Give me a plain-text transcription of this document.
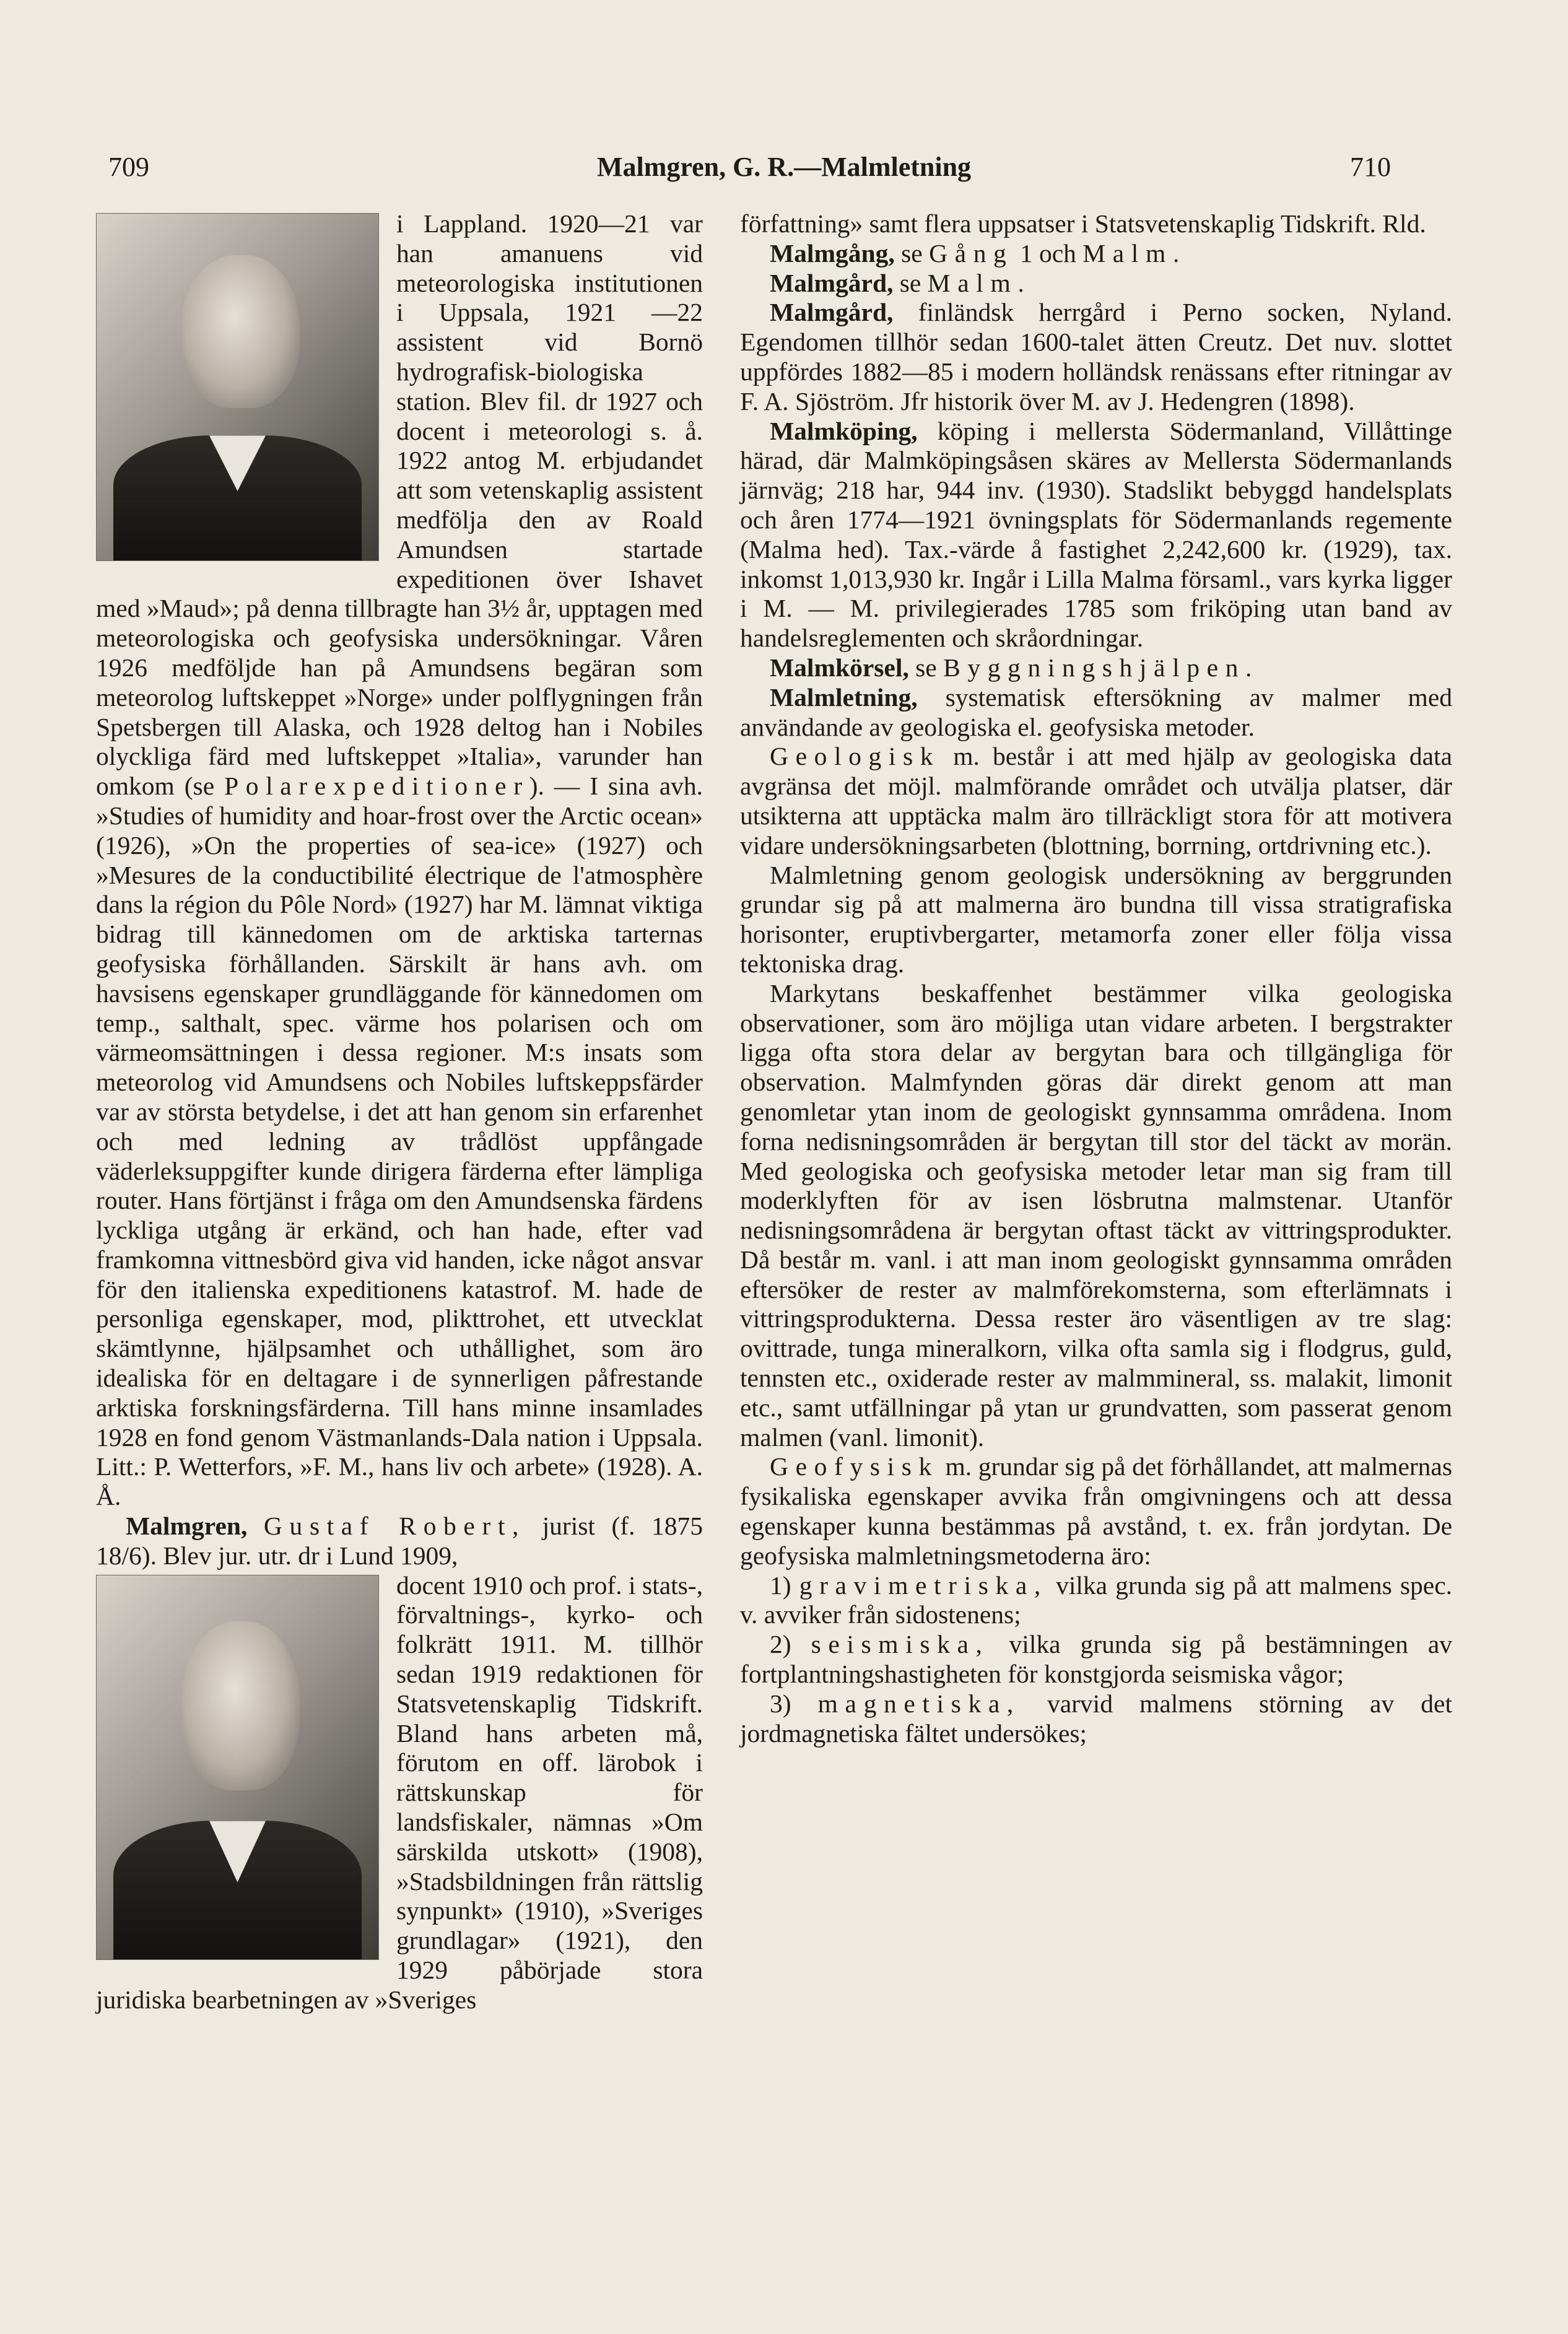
709	Malmgren, G. R.—Malmletning	710

i Lappland. 1920—21 var han amanuens vid meteorologiska institutionen i Uppsala, 1921 —22 assistent vid Bornö hydrografisk-biologiska station. Blev fil. dr 1927 och docent i meteorologi s. å. 1922 antog M. erbjudandet att som vetenskaplig assistent medfölja den av Roald Amundsen startade expeditionen över Ishavet med »Maud»; på denna tillbragte han 3½ år, upptagen med meteorologiska och geofysiska undersökningar. Våren 1926 medföljde han på Amundsens begäran som meteorolog luftskeppet »Norge» under polflygningen från Spetsbergen till Alaska, och 1928 deltog han i Nobiles olyckliga färd med luftskeppet »Italia», varunder han omkom (se Polarexpeditioner). — I sina avh. »Studies of humidity and hoar-frost over the Arctic ocean» (1926), »On the properties of sea-ice» (1927) och »Mesures de la conductibilité électrique de l'atmosphère dans la région du Pôle Nord» (1927) har M. lämnat viktiga bidrag till kännedomen om de arktiska tarternas geofysiska förhållanden. Särskilt är hans avh. om havsisens egenskaper grundläggande för kännedomen om temp., salthalt, spec. värme hos polarisen och om värmeomsättningen i dessa regioner. M:s insats som meteorolog vid Amundsens och Nobiles luftskeppsfärder var av största betydelse, i det att han genom sin erfarenhet och med ledning av trådlöst uppfångade väderleksuppgifter kunde dirigera färderna efter lämpliga router. Hans förtjänst i fråga om den Amundsenska färdens lyckliga utgång är erkänd, och han hade, efter vad framkomna vittnesbörd giva vid handen, icke något ansvar för den italienska expeditionens katastrof. M. hade de personliga egenskaper, mod, plikttrohet, ett utvecklat skämtlynne, hjälpsamhet och uthållighet, som äro idealiska för en deltagare i de synnerligen påfrestande arktiska forskningsfärderna. Till hans minne insamlades 1928 en fond genom Västmanlands-Dala nation i Uppsala. Litt.: P. Wetterfors, »F. M., hans liv och arbete» (1928). A. Å.

Malmgren, Gustaf Robert, jurist (f. 1875 18/6). Blev jur. utr. dr i Lund 1909,

docent 1910 och prof. i stats-, förvaltnings-, kyrko- och folkrätt 1911. M. tillhör sedan 1919 redaktionen för Statsvetenskaplig Tidskrift. Bland hans arbeten må, förutom en off. lärobok i rättskunskap för landsfiskaler, nämnas »Om särskilda utskott» (1908), »Stadsbildningen från rättslig synpunkt» (1910), »Sveriges grundlagar» (1921), den 1929 påbörjade stora juridiska bearbetningen av »Sveriges

författning» samt flera uppsatser i Statsvetenskaplig Tidskrift. Rld.

Malmgång, se Gång 1 och Malm.

Malmgård, se Malm.

Malmgård, finländsk herrgård i Perno socken, Nyland. Egendomen tillhör sedan 1600-talet ätten Creutz. Det nuv. slottet uppfördes 1882—85 i modern holländsk renässans efter ritningar av F. A. Sjöström. Jfr historik över M. av J. Hedengren (1898).

Malmköping, köping i mellersta Södermanland, Villåttinge härad, där Malmköpingsåsen skäres av Mellersta Södermanlands järnväg; 218 har, 944 inv. (1930). Stadslikt bebyggd handelsplats och åren 1774—1921 övningsplats för Södermanlands regemente (Malma hed). Tax.-värde å fastighet 2,242,600 kr. (1929), tax. inkomst 1,013,930 kr. Ingår i Lilla Malma församl., vars kyrka ligger i M. — M. privilegierades 1785 som friköping utan band av handelsreglementen och skråordningar.

Malmkörsel, se Byggningshjälpen.

Malmletning, systematisk eftersökning av malmer med användande av geologiska el. geofysiska metoder.

Geologisk m. består i att med hjälp av geologiska data avgränsa det möjl. malmförande området och utvälja platser, där utsikterna att upptäcka malm äro tillräckligt stora för att motivera vidare undersökningsarbeten (blottning, borrning, ortdrivning etc.).

Malmletning genom geologisk undersökning av berggrunden grundar sig på att malmerna äro bundna till vissa stratigrafiska horisonter, eruptivbergarter, metamorfa zoner eller följa vissa tektoniska drag.

Markytans beskaffenhet bestämmer vilka geologiska observationer, som äro möjliga utan vidare arbeten. I bergstrakter ligga ofta stora delar av bergytan bara och tillgängliga för observation. Malmfynden göras där direkt genom att man genomletar ytan inom de geologiskt gynnsamma områdena. Inom forna nedisningsområden är bergytan till stor del täckt av morän. Med geologiska och geofysiska metoder letar man sig fram till moderklyften för av isen lösbrutna malmstenar. Utanför nedisningsområdena är bergytan oftast täckt av vittringsprodukter. Då består m. vanl. i att man inom geologiskt gynnsamma områden eftersöker de rester av malmförekomsterna, som efterlämnats i vittringsprodukterna. Dessa rester äro väsentligen av tre slag: ovittrade, tunga mineralkorn, vilka ofta samla sig i flodgrus, guld, tennsten etc., oxiderade rester av malmmineral, ss. malakit, limonit etc., samt utfällningar på ytan ur grundvatten, som passerat genom malmen (vanl. limonit).

Geofysisk m. grundar sig på det förhållandet, att malmernas fysikaliska egenskaper avvika från omgivningens och att dessa egenskaper kunna bestämmas på avstånd, t. ex. från jordytan. De geofysiska malmletningsmetoderna äro:

1) gravimetriska, vilka grunda sig på att malmens spec. v. avviker från sidostenens;

2) seismiska, vilka grunda sig på bestämningen av fortplantningshastigheten för konstgjorda seismiska vågor;

3) magnetiska, varvid malmens störning av det jordmagnetiska fältet undersökes;
